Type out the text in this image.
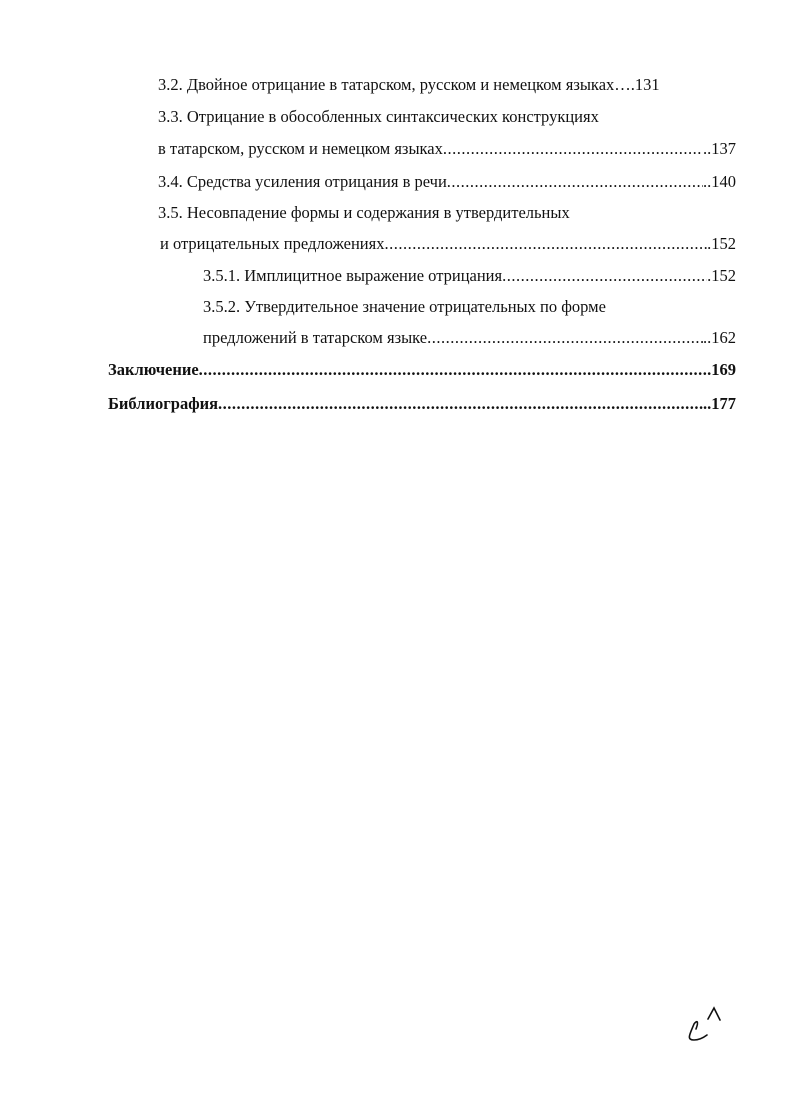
3.2. Двойное отрицание в татарском, русском и немецком языках …. 131
3.3. Отрицание в обособленных синтаксических конструкциях
в татарском, русском и немецком языках .....	..137
3.4. Средства усиления отрицания в речи .....	..140
3.5. Несовпадение формы и содержания в утвердительных
и отрицательных предложениях .....	.152
3.5.1. Имплицитное выражение отрицания .....	.152
3.5.2. Утвердительное значение отрицательных по форме
предложений в татарском языке .....	..162
Заключение .....	.169
Библиография .....	..177
